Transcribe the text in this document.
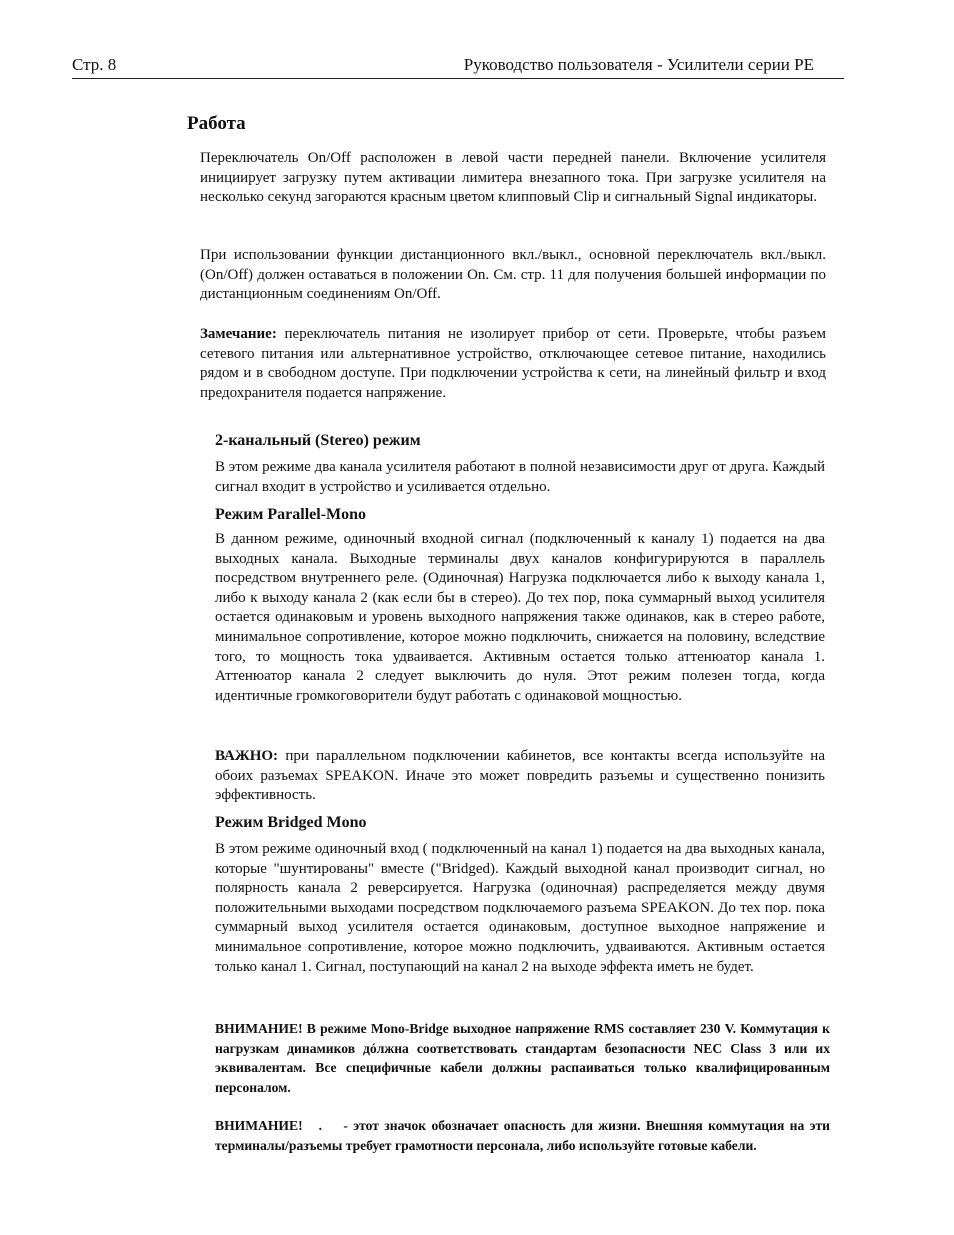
Стр. 8	Руководство пользователя - Усилители серии PE
Работа
Переключатель On/Off расположен в левой части передней панели. Включение усилителя инициирует загрузку путем активации лимитера внезапного тока. При загрузке усилителя на несколько секунд загораются красным цветом клипповый Clip и сигнальный Signal индикаторы.
При использовании функции дистанционного вкл./выкл., основной переключатель вкл./выкл. (On/Off) должен оставаться в положении On. См. стр. 11 для получения большей информации по дистанционным соединениям On/Off.
Замечание: переключатель питания не изолирует прибор от сети. Проверьте, чтобы разъем сетевого питания или альтернативное устройство, отключающее сетевое питание, находились рядом и в свободном доступе. При подключении устройства к сети, на линейный фильтр и вход предохранителя подается напряжение.
2-канальный (Stereo) режим
В этом режиме два канала усилителя работают в полной независимости друг от друга. Каждый сигнал входит в устройство и усиливается отдельно.
Режим Parallel-Mono
В данном режиме, одиночный входной сигнал (подключенный к каналу 1) подается на два выходных канала. Выходные терминалы двух каналов конфигурируются в параллель посредством внутреннего реле. (Одиночная) Нагрузка подключается либо к выходу канала 1, либо к выходу канала 2 (как если бы в стерео). До тех пор, пока суммарный выход усилителя остается одинаковым и уровень выходного напряжения также одинаков, как в стерео работе, минимальное сопротивление, которое можно подключить, снижается на половину, вследствие того, то мощность тока удваивается. Активным остается только аттенюатор канала 1. Аттенюатор канала 2 следует выключить до нуля. Этот режим полезен тогда, когда идентичные громкоговорители будут работать с одинаковой мощностью.
ВАЖНО: при параллельном подключении кабинетов, все контакты всегда используйте на обоих разъемах SPEAKON. Иначе это может повредить разъемы и существенно понизить эффективность.
Режим Bridged Mono
В этом режиме одиночный вход ( подключенный на канал 1) подается на два выходных канала, которые "шунтированы" вместе ("Bridged). Каждый выходной канал производит сигнал, но полярность канала 2 реверсируется. Нагрузка (одиночная) распределяется между двумя положительными выходами посредством подключаемого разъема SPEAKON. До тех пор. пока суммарный выход усилителя остается одинаковым, доступное выходное напряжение и минимальное сопротивление, которое можно подключить, удваиваются. Активным остается только канал 1. Сигнал, поступающий на канал 2 на выходе эффекта иметь не будет.
ВНИМАНИЕ! В режиме Mono-Bridge выходное напряжение RMS составляет 230 V. Коммутация к нагрузкам динамиков дóлжна соответствовать стандартам безопасности NEC Class 3 или их эквивалентам. Все специфичные кабели должны распаиваться только квалифицированным персоналом.
ВНИМАНИЕ!   .    - этот значок обозначает опасность для жизни. Внешняя коммутация на эти терминалы/разъемы требует грамотности персонала, либо используйте готовые кабели.
